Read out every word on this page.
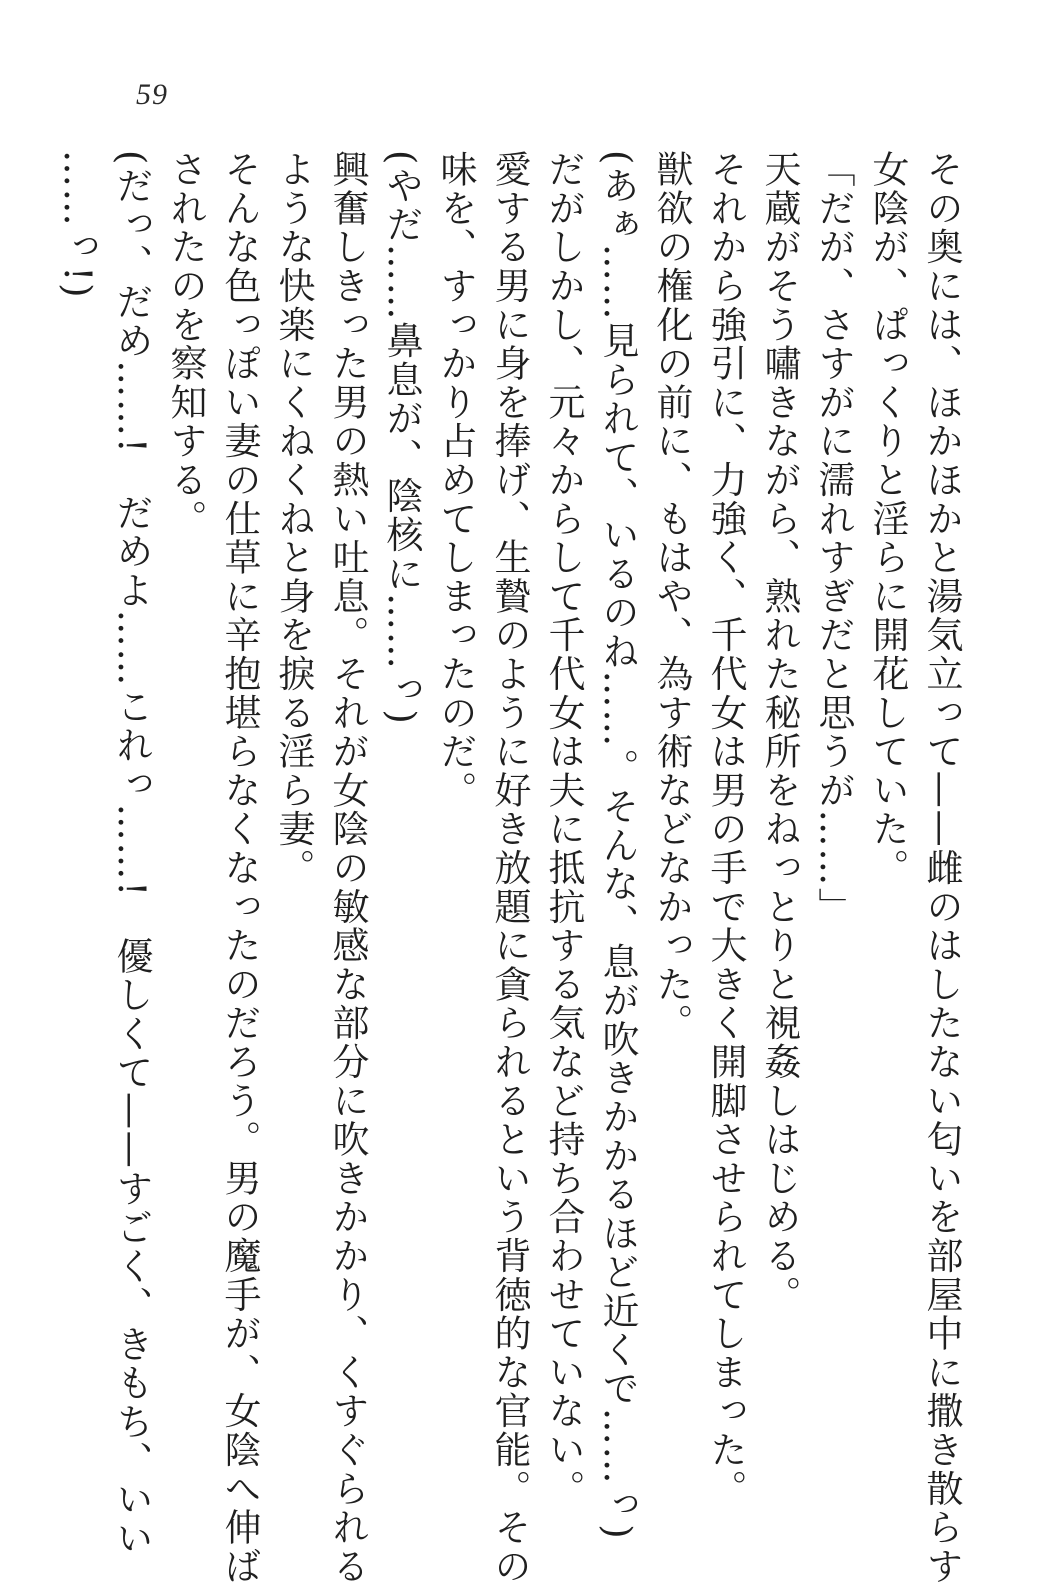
59
その奥には、ほかほかと湯気立って——雌のはしたない匂いを部屋中に撒き散らす
女陰が、ぱっくりと淫らに開花していた。
「だが、さすがに濡れすぎだと思うが……」
天蔵がそう嘯きながら、熟れた秘所をねっとりと視姦しはじめる。
それから強引に、力強く、千代女は男の手で大きく開脚させられてしまった。
獣欲の権化の前に、もはや、為す術などなかった。
(あぁ……見られて、いるのね……。そんな、息が吹きかかるほど近くで……っ)
だがしかし、元々からして千代女は夫に抵抗する気など持ち合わせていない。
愛する男に身を捧げ、生贄のように好き放題に貪られるという背徳的な官能。その
味を、すっかり占めてしまったのだ。
(やだ……鼻息が、陰核に……っ)
興奮しきった男の熱い吐息。それが女陰の敏感な部分に吹きかかり、くすぐられる
ような快楽にくねくねと身を捩る淫ら妻。
そんな色っぽい妻の仕草に辛抱堪らなくなったのだろう。男の魔手が、女陰へ伸ば
されたのを察知する。
(だっ、だめ……!　だめよ……これっ……!　優しくて——すごく、きもち、いい
……っ!)
